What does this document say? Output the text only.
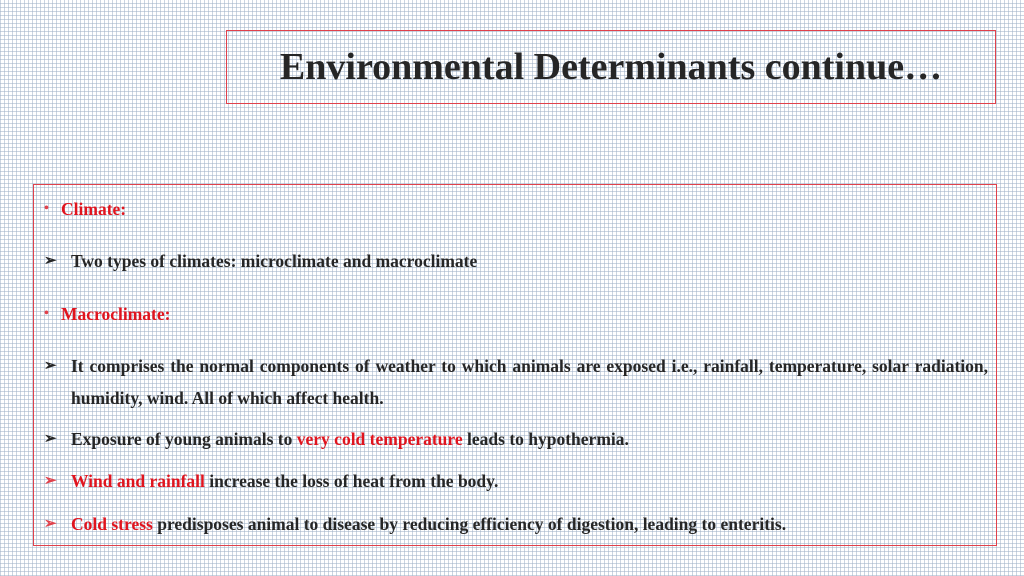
Environmental Determinants continue…
• Climate:
➢ Two types of climates: microclimate and macroclimate
• Macroclimate:
➢ It comprises the normal components of weather to which animals are exposed i.e., rainfall, temperature, solar radiation, humidity, wind. All of which affect health.
➢ Exposure of young animals to very cold temperature leads to hypothermia.
➢ Wind and rainfall increase the loss of heat from the body.
➢ Cold stress predisposes animal to disease by reducing efficiency of digestion, leading to enteritis.
